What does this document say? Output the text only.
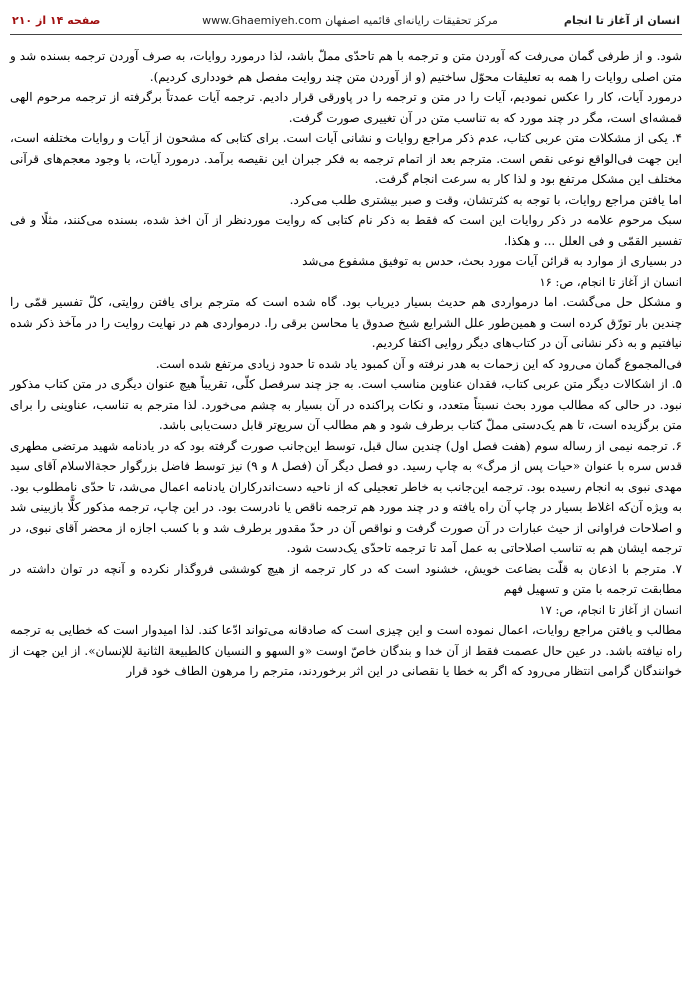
انسان از آغاز تا انجام
مرکز تحقیقات رایانه‌ای قائمیه اصفهان www.Ghaemiyeh.com
صفحه ۱۴ از ۲۱۰

شود. و از طرفی گمان می‌رفت که آوردن متن و ترجمه با هم تاحدّی مملّ باشد، لذا درمورد روایات، به صرف آوردن ترجمه بسنده شد و متن اصلی روایات را همه به تعلیقات محوّل ساختیم (و از آوردن متن چند روایت مفصل هم خودداری کردیم).

درمورد آیات، کار را عکس نمودیم، آیات را در متن و ترجمه را در پاورقی قرار دادیم. ترجمه آیات عمدتاً برگرفته از ترجمه مرحوم الهی قمشه‌ای است، مگر در چند مورد که به تناسب متن در آن تغییری صورت گرفت.

۴. یکی از مشکلات متن عربی کتاب، عدم ذکر مراجع روایات و نشانی آیات است. برای کتابی که مشحون از آیات و روایات مختلفه است، این جهت فی‌الواقع نوعی نقص است. مترجم بعد از اتمام ترجمه به فکر جبران این نقیصه برآمد. درمورد آیات، با وجود معجم‌های قرآنی مختلف این مشکل مرتفع بود و لذا کار به سرعت انجام گرفت.

اما یافتن مراجع روایات، با توجه به کثرتشان، وقت و صبر بیشتری طلب می‌کرد.

سبک مرحوم علامه در ذکر روایات این است که فقط به ذکر نام کتابی که روایت موردنظر از آن اخذ شده، بسنده می‌کنند، مثلًا و فی تفسیر القمّی و فی العلل ... و هکذا.

در بسیاری از موارد به قرائن آیات مورد بحث، حدس به توفیق مشفوع می‌شد

انسان از آغاز تا انجام، ص: ۱۶

و مشکل حل می‌گشت. اما درمواردی هم حدیث بسیار دیریاب بود. گاه شده است که مترجم برای یافتن روایتی، کلّ تفسیر قمّی را چندین بار تورّق کرده است و همین‌طور علل الشرایع شیخ صدوق یا محاسن برقی را. درمواردی هم در نهایت روایت را در مآخذ ذکر شده نیافتیم و به ذکر نشانی آن در کتاب‌های دیگر روایی اکتفا کردیم.

فی‌المجموع گمان می‌رود که این زحمات به هدر نرفته و آن کمبود یاد شده تا حدود زیادی مرتفع شده است.

۵. از اشکالات دیگر متن عربی کتاب، فقدان عناوین مناسب است. به جز چند سرفصل کلّی، تقریباً هیچ عنوان دیگری در متن کتاب مذکور نبود. در حالی که مطالب مورد بحث نسبتاً متعدد، و نکات پراکنده در آن بسیار به چشم می‌خورد. لذا مترجم به تناسب، عناوینی را برای متن برگزیده است، تا هم یک‌دستی مملّ کتاب برطرف شود و هم مطالب آن سریع‌تر قابل دست‌یابی باشد.

۶. ترجمه نیمی از رساله سوم (هفت فصل اول) چندین سال قبل، توسط این‌جانب صورت گرفته بود که در یادنامه شهید مرتضی مطهری قدس سره با عنوان «حیات پس از مرگ» به چاپ رسید. دو فصل دیگر آن (فصل ۸ و ۹) نیز توسط فاضل بزرگوار حجةالاسلام آقای سید مهدی نبوی به انجام رسیده بود. ترجمه این‌جانب به خاطر تعجیلی که از ناحیه دست‌اندرکاران یادنامه اعمال می‌شد، تا حدّی نامطلوب بود. به ویژه آن‌که اغلاط بسیار در چاپ آن راه یافته و در چند مورد هم ترجمه ناقص یا نادرست بود. در این چاپ، ترجمه مذکور کلًّا بازبینی شد و اصلاحات فراوانی از حیث عبارات در آن صورت گرفت و نواقص آن در حدّ مقدور برطرف شد و با کسب اجازه از محضر آقای نبوی، در ترجمه ایشان هم به تناسب اصلاحاتی به عمل آمد تا ترجمه تاحدّی یک‌دست شود.

۷. مترجم با اذعان به قلّت بضاعت خویش، خشنود است که در کار ترجمه از هیچ کوششی فروگذار نکرده و آنچه در توان داشته در مطابقت ترجمه با متن و تسهیل فهم

انسان از آغاز تا انجام، ص: ۱۷

مطالب و یافتن مراجع روایات، اعمال نموده است و این چیزی است که صادقانه می‌تواند ادّعا کند. لذا امیدوار است که خطایی به ترجمه راه نیافته باشد. در عین حال عصمت فقط از آن خدا و بندگان خاصّ اوست «و السهو و النسیان کالطبیعة الثانیة للإنسان». از این جهت از خوانندگان گرامی انتظار می‌رود که اگر به خطا یا نقصانی در این اثر برخوردند، مترجم را مرهون الطاف خود قرار
